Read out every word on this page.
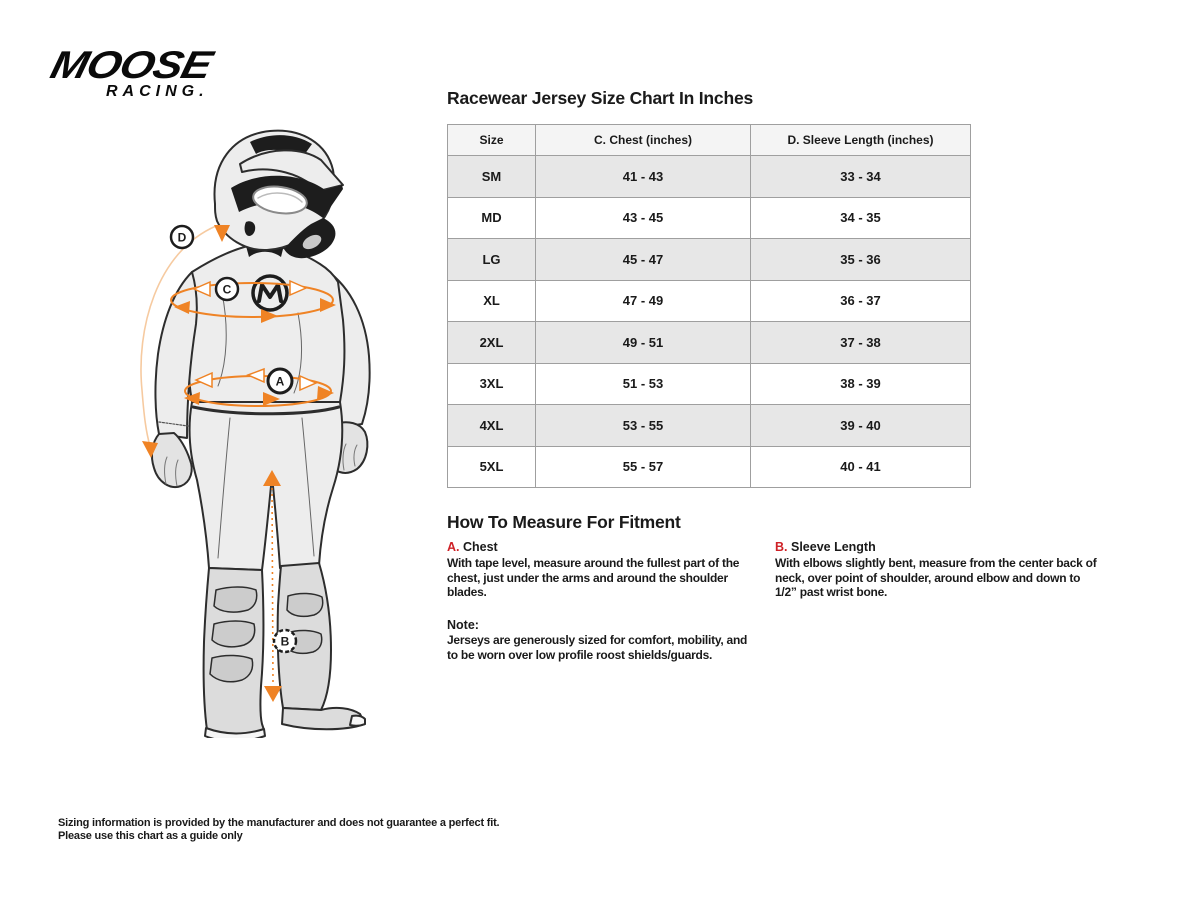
MOOSE
RACING.
D
C
A
B
Racewear Jersey Size Chart In Inches
Size	C. Chest (inches)	D. Sleeve Length (inches)
SM	41 - 43	33 - 34
MD	43 - 45	34 - 35
LG	45 - 47	35 - 36
XL	47 - 49	36 - 37
2XL	49 - 51	37 - 38
3XL	51 - 53	38 - 39
4XL	53 - 55	39 - 40
5XL	55 - 57	40 - 41
How To Measure For Fitment
A. Chest

With tape level, measure around the fullest part of the chest, just under the arms and around the shoulder blades.

B. Sleeve Length

With elbows slightly bent, measure from the center back of neck, over point of shoulder, around elbow and down to 1/2” past wrist bone.

Note:

Jerseys are generously sized for comfort, mobility, and to be worn over low profile roost shields/guards.

Sizing information is provided by the manufacturer and does not guarantee a perfect fit.
Please use this chart as a guide only
